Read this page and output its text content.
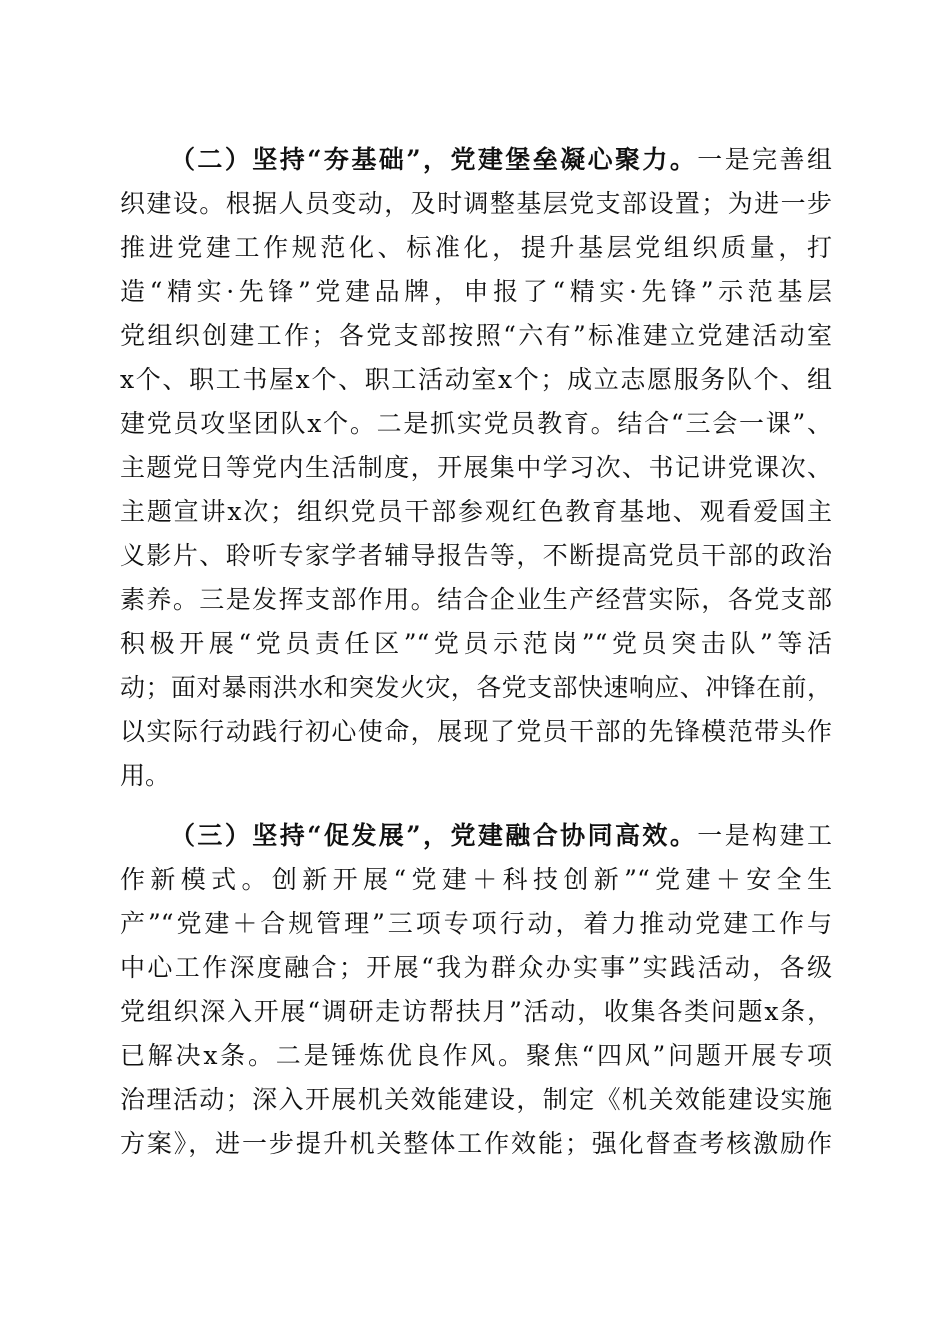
（二）坚持“夯基础”，党建堡垒凝心聚力。一是完善组
织建设。根据人员变动，及时调整基层党支部设置；为进一步
推进党建工作规范化、标准化，提升基层党组织质量，打
造“精实·先锋”党建品牌，申报了“精实·先锋”示范基层
党组织创建工作；各党支部按照“六有”标准建立党建活动室
x个、职工书屋x个、职工活动室x个；成立志愿服务队个、组
建党员攻坚团队x个。二是抓实党员教育。结合“三会一课”、
主题党日等党内生活制度，开展集中学习次、书记讲党课次、
主题宣讲x次；组织党员干部参观红色教育基地、观看爱国主
义影片、聆听专家学者辅导报告等，不断提高党员干部的政治
素养。三是发挥支部作用。结合企业生产经营实际，各党支部
积极开展“党员责任区”“党员示范岗”“党员突击队”等活
动；面对暴雨洪水和突发火灾，各党支部快速响应、冲锋在前，
以实际行动践行初心使命，展现了党员干部的先锋模范带头作
用。
（三）坚持“促发展”，党建融合协同高效。一是构建工
作新模式。创新开展“党建＋科技创新”“党建＋安全生
产”“党建＋合规管理”三项专项行动，着力推动党建工作与
中心工作深度融合；开展“我为群众办实事”实践活动，各级
党组织深入开展“调研走访帮扶月”活动，收集各类问题x条，
已解决x条。二是锤炼优良作风。聚焦“四风”问题开展专项
治理活动；深入开展机关效能建设，制定《机关效能建设实施
方案》，进一步提升机关整体工作效能；强化督查考核激励作
